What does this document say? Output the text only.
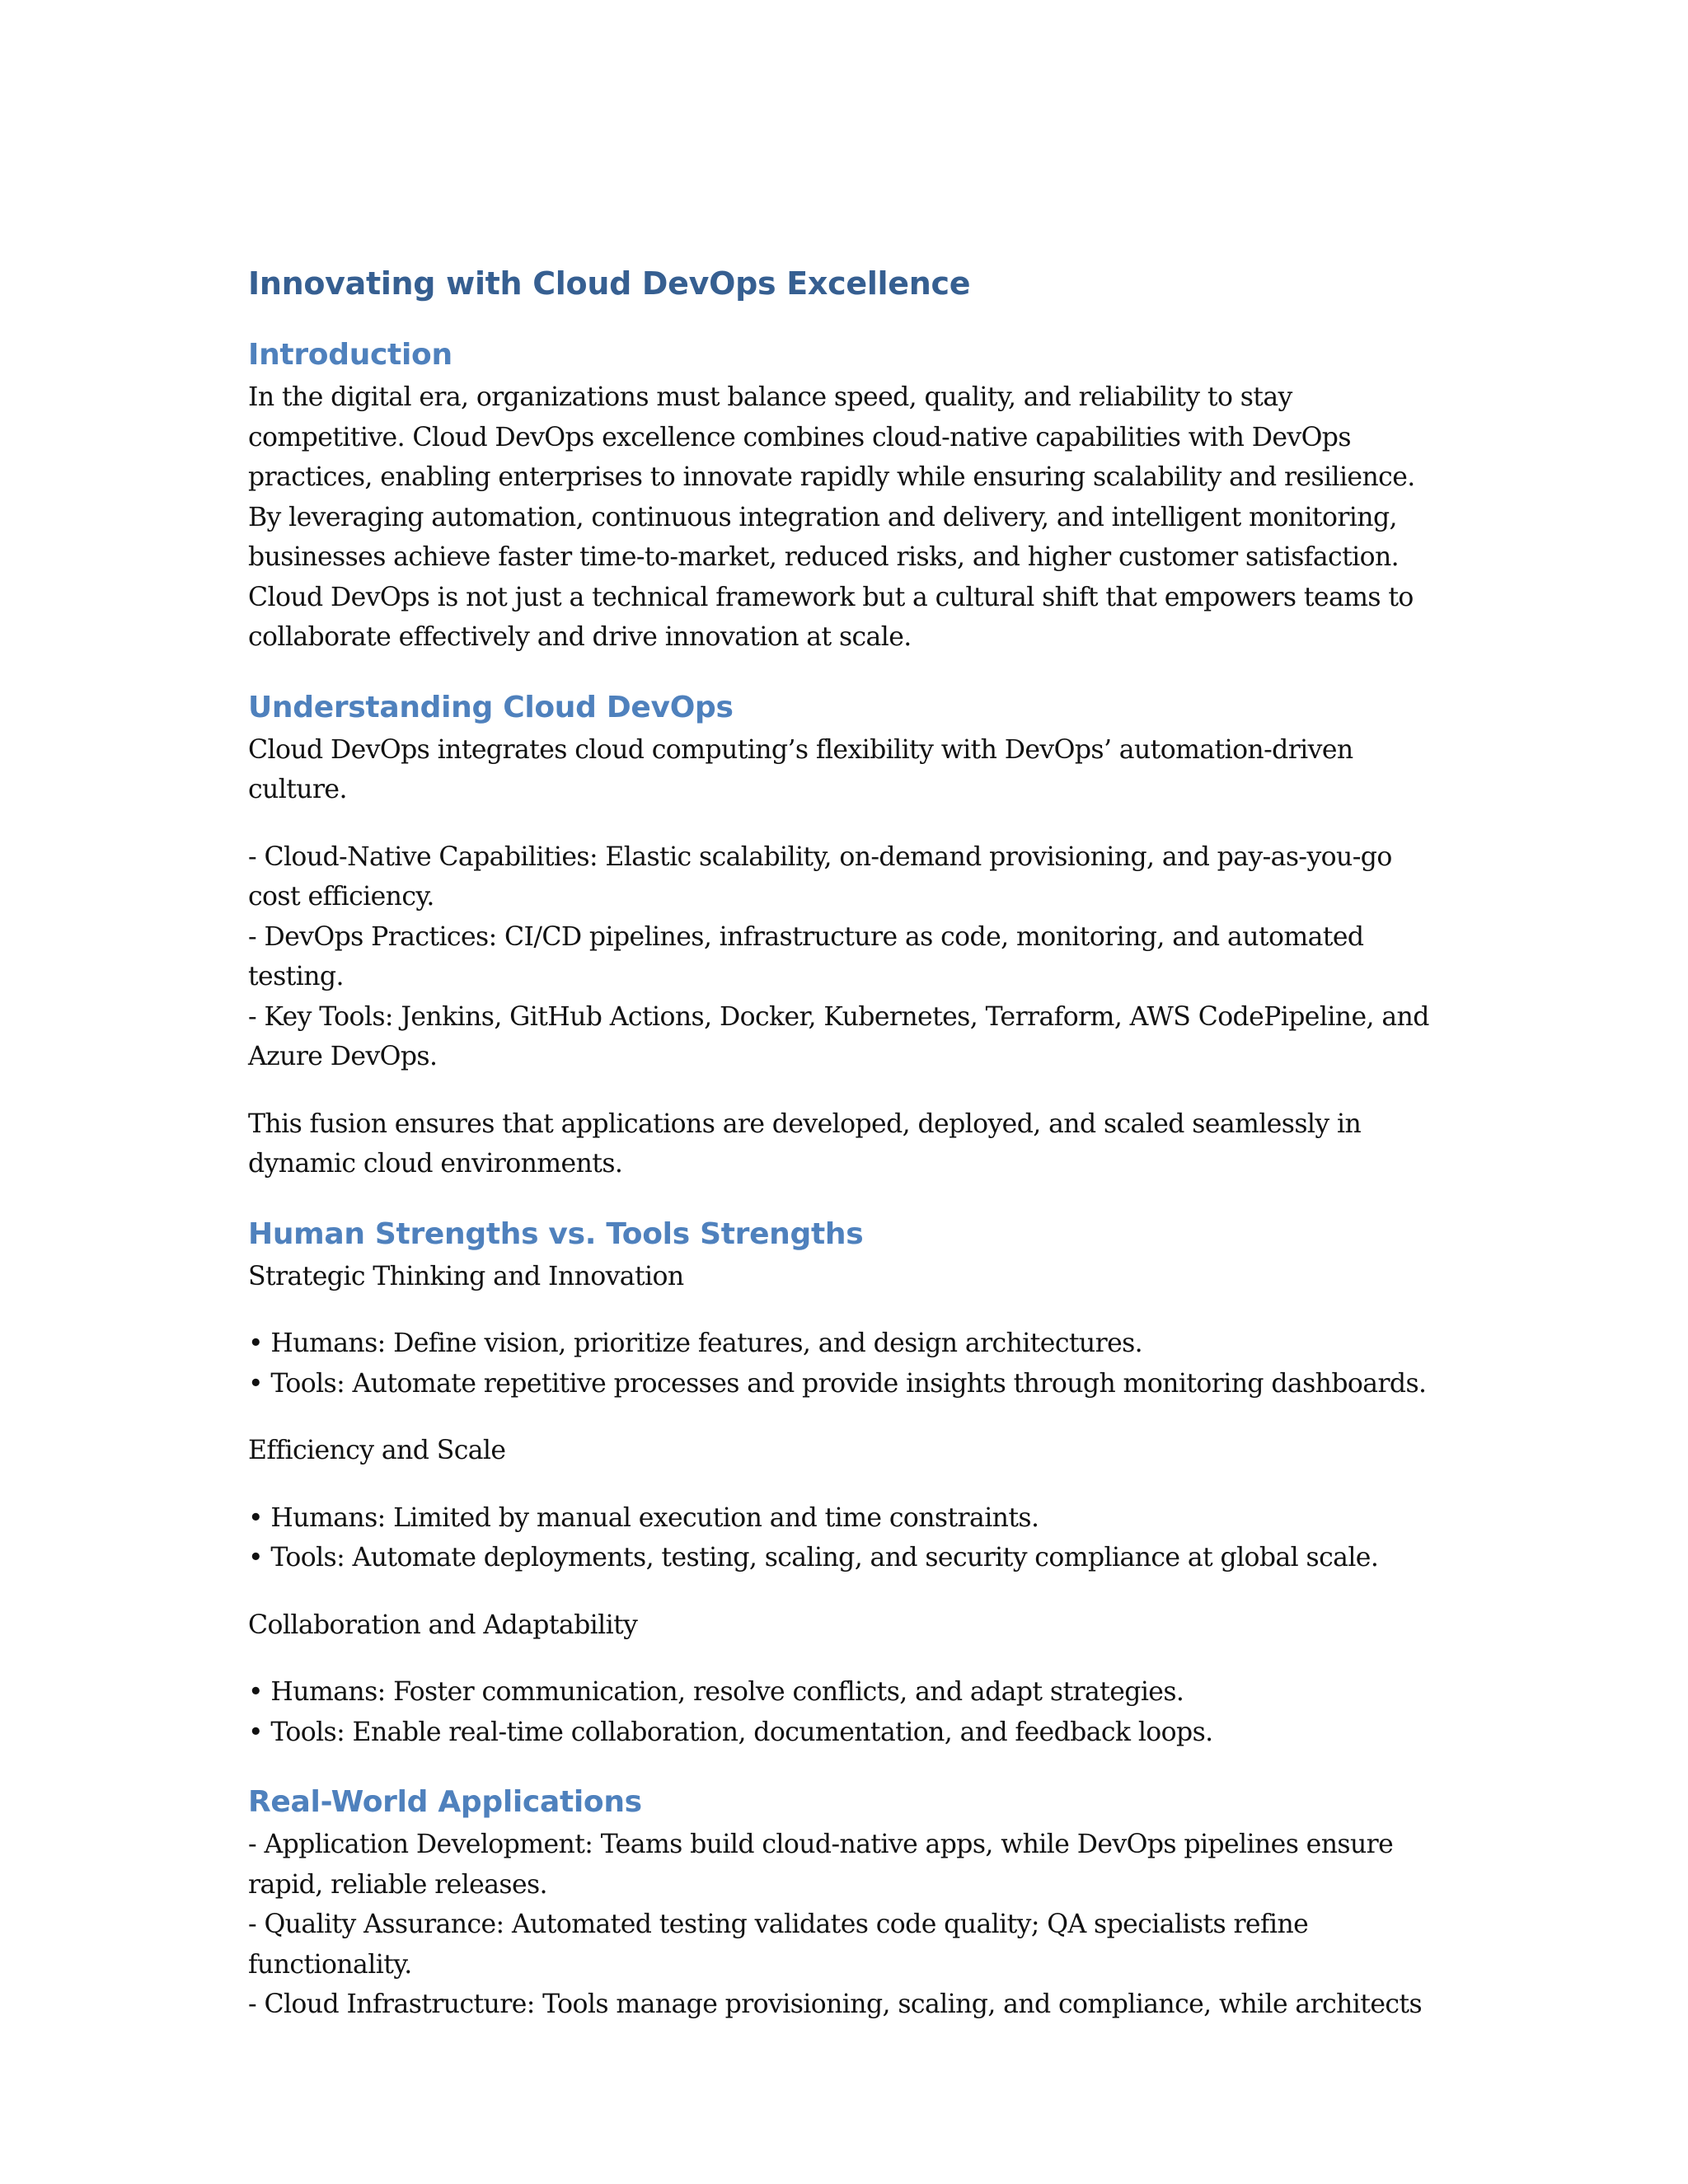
Innovating with Cloud DevOps Excellence
Introduction

In the digital era, organizations must balance speed, quality, and reliability to stay competitive. Cloud DevOps excellence combines cloud-native capabilities with DevOps practices, enabling enterprises to innovate rapidly while ensuring scalability and resilience. By leveraging automation, continuous integration and delivery, and intelligent monitoring, businesses achieve faster time-to-market, reduced risks, and higher customer satisfaction. Cloud DevOps is not just a technical framework but a cultural shift that empowers teams to collaborate effectively and drive innovation at scale.

Understanding Cloud DevOps

Cloud DevOps integrates cloud computing’s flexibility with DevOps’ automation-driven culture.

- Cloud-Native Capabilities: Elastic scalability, on-demand provisioning, and pay-as-you-go cost efficiency.

- DevOps Practices: CI/CD pipelines, infrastructure as code, monitoring, and automated testing.

- Key Tools: Jenkins, GitHub Actions, Docker, Kubernetes, Terraform, AWS CodePipeline, and Azure DevOps.

This fusion ensures that applications are developed, deployed, and scaled seamlessly in dynamic cloud environments.

Human Strengths vs. Tools Strengths

Strategic Thinking and Innovation

• Humans: Define vision, prioritize features, and design architectures.

• Tools: Automate repetitive processes and provide insights through monitoring dashboards.

Efficiency and Scale

• Humans: Limited by manual execution and time constraints.

• Tools: Automate deployments, testing, scaling, and security compliance at global scale.

Collaboration and Adaptability

• Humans: Foster communication, resolve conflicts, and adapt strategies.

• Tools: Enable real-time collaboration, documentation, and feedback loops.

Real-World Applications

- Application Development: Teams build cloud-native apps, while DevOps pipelines ensure rapid, reliable releases.

- Quality Assurance: Automated testing validates code quality; QA specialists refine functionality.

- Cloud Infrastructure: Tools manage provisioning, scaling, and compliance, while architects
